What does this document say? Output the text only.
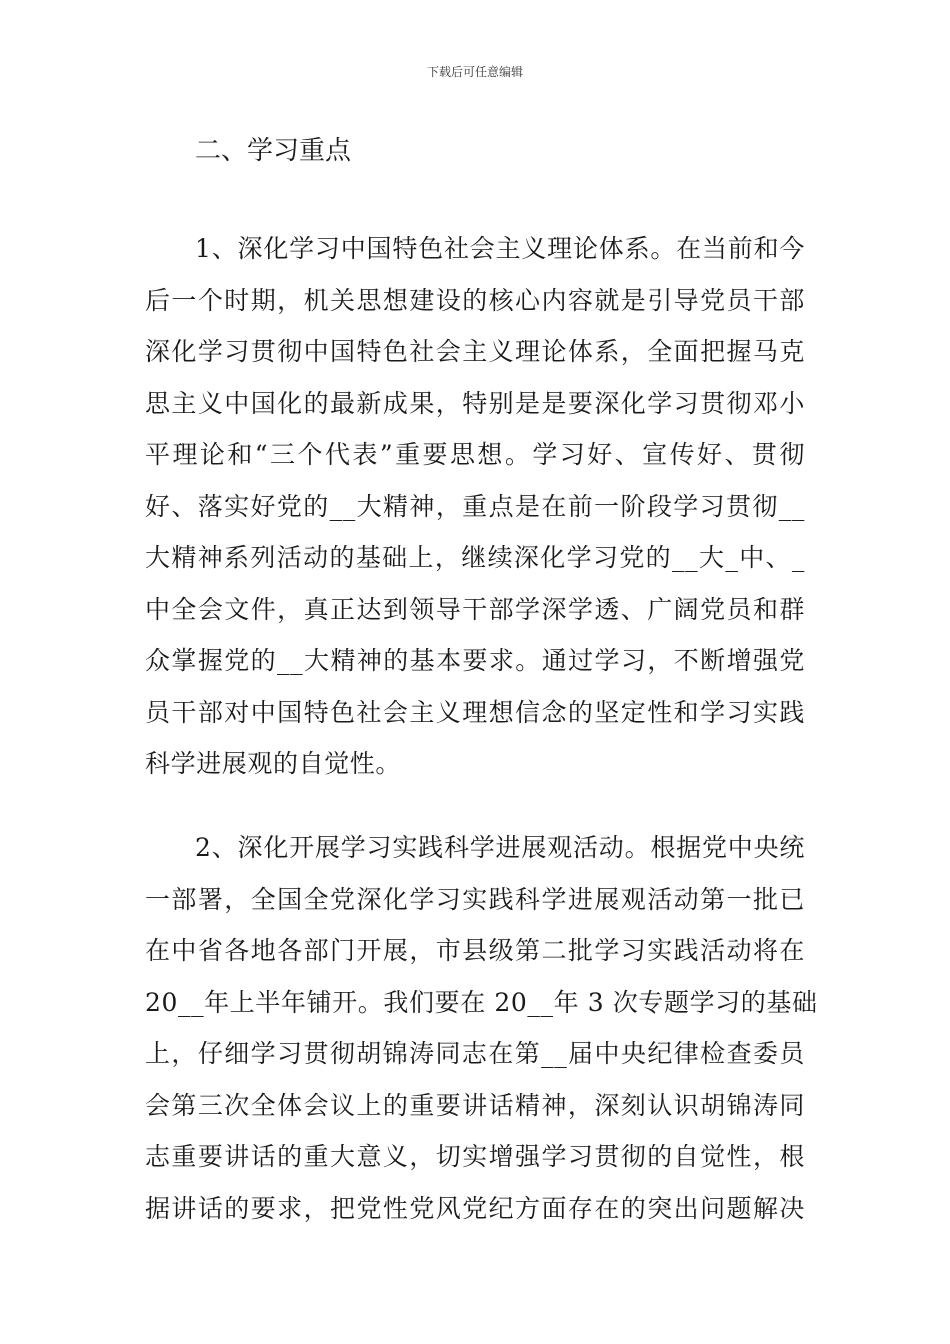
下载后可任意编辑
二、学习重点
1、深化学习中国特色社会主义理论体系。在当前和今
后一个时期，机关思想建设的核心内容就是引导党员干部
深化学习贯彻中国特色社会主义理论体系，全面把握马克
思主义中国化的最新成果，特别是是要深化学习贯彻邓小
平理论和“三个代表”重要思想。学习好、宣传好、贯彻
好、落实好党的__大精神，重点是在前一阶段学习贯彻__
大精神系列活动的基础上，继续深化学习党的__大_中、_
中全会文件，真正达到领导干部学深学透、广阔党员和群
众掌握党的__大精神的基本要求。通过学习，不断增强党
员干部对中国特色社会主义理想信念的坚定性和学习实践
科学进展观的自觉性。
2、深化开展学习实践科学进展观活动。根据党中央统
一部署，全国全党深化学习实践科学进展观活动第一批已
在中省各地各部门开展，市县级第二批学习实践活动将在
20__年上半年铺开。我们要在 20__年 3 次专题学习的基础
上，仔细学习贯彻胡锦涛同志在第__届中央纪律检查委员
会第三次全体会议上的重要讲话精神，深刻认识胡锦涛同
志重要讲话的重大意义，切实增强学习贯彻的自觉性，根
据讲话的要求，把党性党风党纪方面存在的突出问题解决
